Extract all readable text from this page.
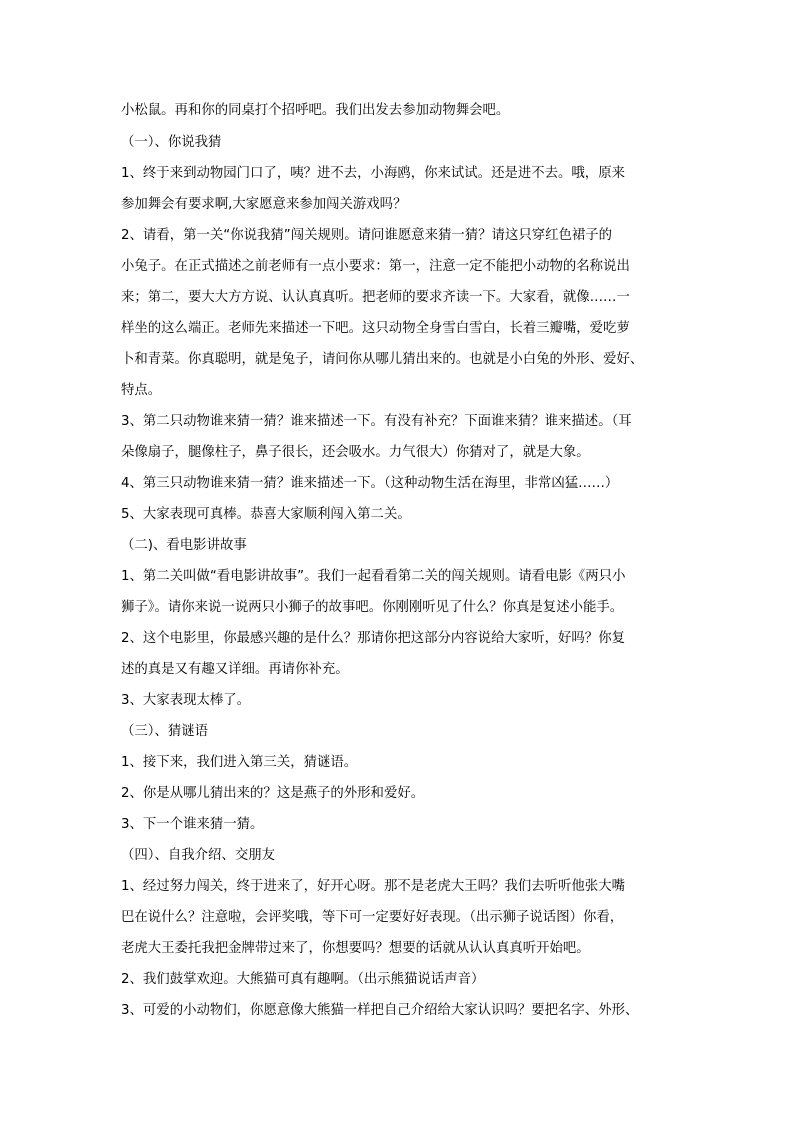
小松鼠。再和你的同桌打个招呼吧。我们出发去参加动物舞会吧。
（一）、你说我猜
1、终于来到动物园门口了，咦？进不去，小海鸥，你来试试。还是进不去。哦，原来
参加舞会有要求啊,大家愿意来参加闯关游戏吗？
2、请看，第一关“你说我猜”闯关规则。请问谁愿意来猜一猜？请这只穿红色裙子的
小兔子。在正式描述之前老师有一点小要求：第一，注意一定不能把小动物的名称说出
来；第二，要大大方方说、认认真真听。把老师的要求齐读一下。大家看，就像……一
样坐的这么端正。老师先来描述一下吧。这只动物全身雪白雪白，长着三瓣嘴，爱吃萝
卜和青菜。你真聪明，就是兔子，请问你从哪儿猜出来的。也就是小白兔的外形、爱好、
特点。
3、第二只动物谁来猜一猜？谁来描述一下。有没有补充？下面谁来猜？谁来描述。（耳
朵像扇子，腿像柱子，鼻子很长，还会吸水。力气很大）你猜对了，就是大象。
4、第三只动物谁来猜一猜？谁来描述一下。（这种动物生活在海里，非常凶猛……）
5、大家表现可真棒。恭喜大家顺利闯入第二关。
（二)、看电影讲故事
1、第二关叫做“看电影讲故事”。我们一起看看第二关的闯关规则。请看电影《两只小
狮子》。请你来说一说两只小狮子的故事吧。你刚刚听见了什么？你真是复述小能手。
2、这个电影里，你最感兴趣的是什么？那请你把这部分内容说给大家听，好吗？你复
述的真是又有趣又详细。再请你补充。
3、大家表现太棒了。
（三）、猜谜语
1、接下来，我们进入第三关，猜谜语。
2、你是从哪儿猜出来的？这是燕子的外形和爱好。
3、下一个谁来猜一猜。
（四）、自我介绍、交朋友
1、经过努力闯关，终于进来了，好开心呀。那不是老虎大王吗？我们去听听他张大嘴
巴在说什么？注意啦，会评奖哦，等下可一定要好好表现。（出示狮子说话图）你看，
老虎大王委托我把金牌带过来了，你想要吗？想要的话就从认认真真听开始吧。
2、我们鼓掌欢迎。大熊猫可真有趣啊。（出示熊猫说话声音）
3、可爱的小动物们，你愿意像大熊猫一样把自己介绍给大家认识吗？要把名字、外形、
